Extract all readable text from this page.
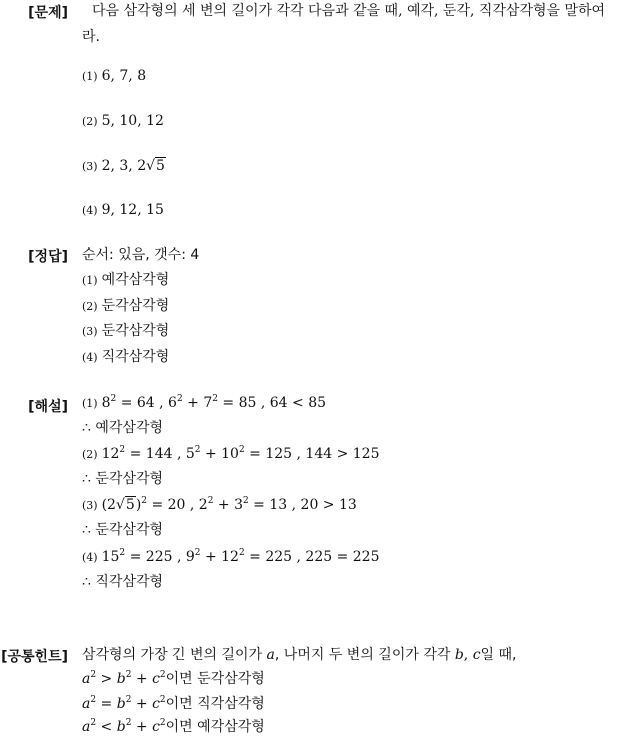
[문제]	다음 삼각형의 세 변의 길이가 각각 다음과 같을 때, 예각, 둔각, 직각삼각형을 말하여라.
(1) 6, 7, 8
(2) 5, 10, 12
(3) 2, 3, 2√5
(4) 9, 12, 15
[정답] 순서: 있음, 갯수: 4
(1) 예각삼각형
(2) 둔각삼각형
(3) 둔각삼각형
(4) 직각삼각형
[해설] (1) $8^2 = 64$ , $6^2 + 7^2 = 85$ , 64 < 85
∴ 예각삼각형
(2) $12^2 = 144$ , $5^2 + 10^2 = 125$ , 144 > 125
∴ 둔각삼각형
(3) $(2√5)^2 = 20$ , $2^2 + 3^2 = 13$ , 20 > 13
∴ 둔각삼각형
(4) $15^2 = 225$ , $9^2 + 12^2 = 225$ , 225 = 225
∴ 직각삼각형
[공통힌트] 삼각형의 가장 긴 변의 길이가 a, 나머지 두 변의 길이가 각각 b, c일 때,
$a^2 > b^2 + c^2$이면 둔각삼각형
$a^2 = b^2 + c^2$이면 직각삼각형
$a^2 < b^2 + c^2$이면 예각삼각형
